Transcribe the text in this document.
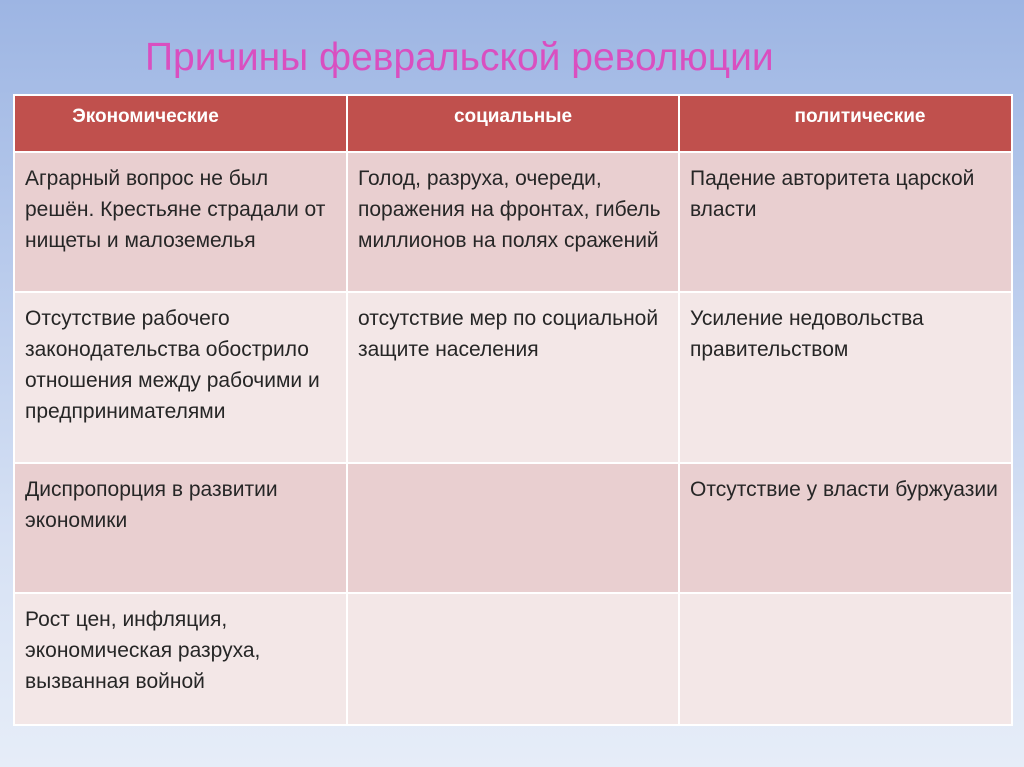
Причины февральской революции
Экономические	социальные	политические

Аграрный вопрос не был решён. Крестьяне страдали от нищеты и малоземелья	Голод, разруха, очереди, поражения на фронтах, гибель миллионов на полях сражений	Падение авторитета царской власти

Отсутствие рабочего законодательства обострило отношения между рабочими и предпринимателями	отсутствие мер по социальной защите населения	Усиление недовольства правительством

Диспропорция в развитии экономики		Отсутствие у власти буржуазии

Рост цен, инфляция, экономическая разруха, вызванная войной		
